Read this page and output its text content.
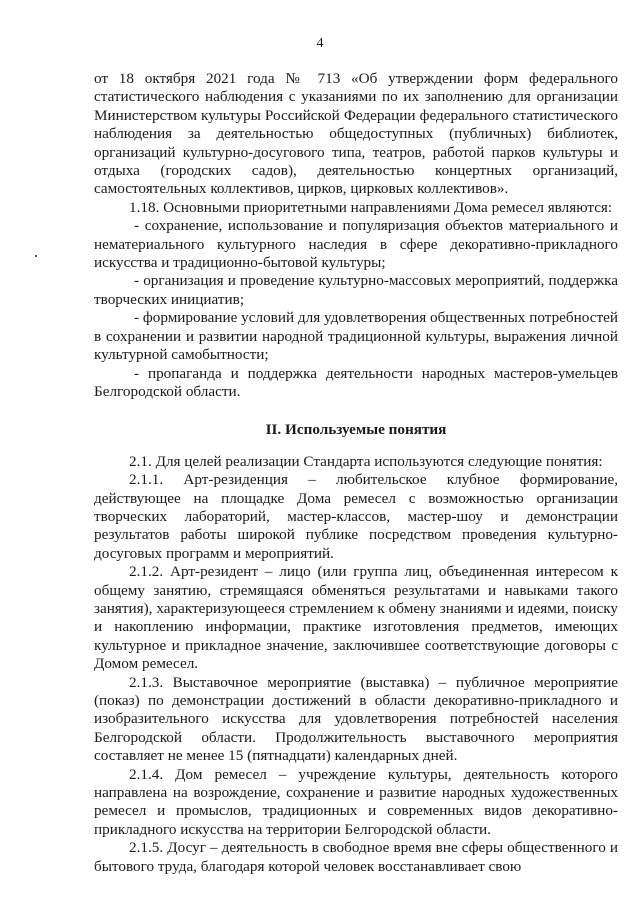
4

от 18 октября 2021 года № 713 «Об утверждении форм федерального статистического наблюдения с указаниями по их заполнению для организации Министерством культуры Российской Федерации федерального статистического наблюдения за деятельностью общедоступных (публичных) библиотек, организаций культурно-досугового типа, театров, работой парков культуры и отдыха (городских садов), деятельностью концертных организаций, самостоятельных коллективов, цирков, цирковых коллективов».

1.18. Основными приоритетными направлениями Дома ремесел являются:

- сохранение, использование и популяризация объектов материального и нематериального культурного наследия в сфере декоративно-прикладного искусства и традиционно-бытовой культуры;

- организация и проведение культурно-массовых мероприятий, поддержка творческих инициатив;

- формирование условий для удовлетворения общественных потребностей в сохранении и развитии народной традиционной культуры, выражения личной культурной самобытности;

- пропаганда и поддержка деятельности народных мастеров-умельцев Белгородской области.

II. Используемые понятия

2.1. Для целей реализации Стандарта используются следующие понятия:

2.1.1. Арт-резиденция – любительское клубное формирование, действующее на площадке Дома ремесел с возможностью организации творческих лабораторий, мастер-классов, мастер-шоу и демонстрации результатов работы широкой публике посредством проведения культурно-досуговых программ и мероприятий.

2.1.2. Арт-резидент – лицо (или группа лиц, объединенная интересом к общему занятию, стремящаяся обменяться результатами и навыками такого занятия), характеризующееся стремлением к обмену знаниями и идеями, поиску и накоплению информации, практике изготовления предметов, имеющих культурное и прикладное значение, заключившее соответствующие договоры с Домом ремесел.

2.1.3. Выставочное мероприятие (выставка) – публичное мероприятие (показ) по демонстрации достижений в области декоративно-прикладного и изобразительного искусства для удовлетворения потребностей населения Белгородской области. Продолжительность выставочного мероприятия составляет не менее 15 (пятнадцати) календарных дней.

2.1.4. Дом ремесел – учреждение культуры, деятельность которого направлена на возрождение, сохранение и развитие народных художественных ремесел и промыслов, традиционных и современных видов декоративно-прикладного искусства на территории Белгородской области.

2.1.5. Досуг – деятельность в свободное время вне сферы общественного и бытового труда, благодаря которой человек восстанавливает свою
